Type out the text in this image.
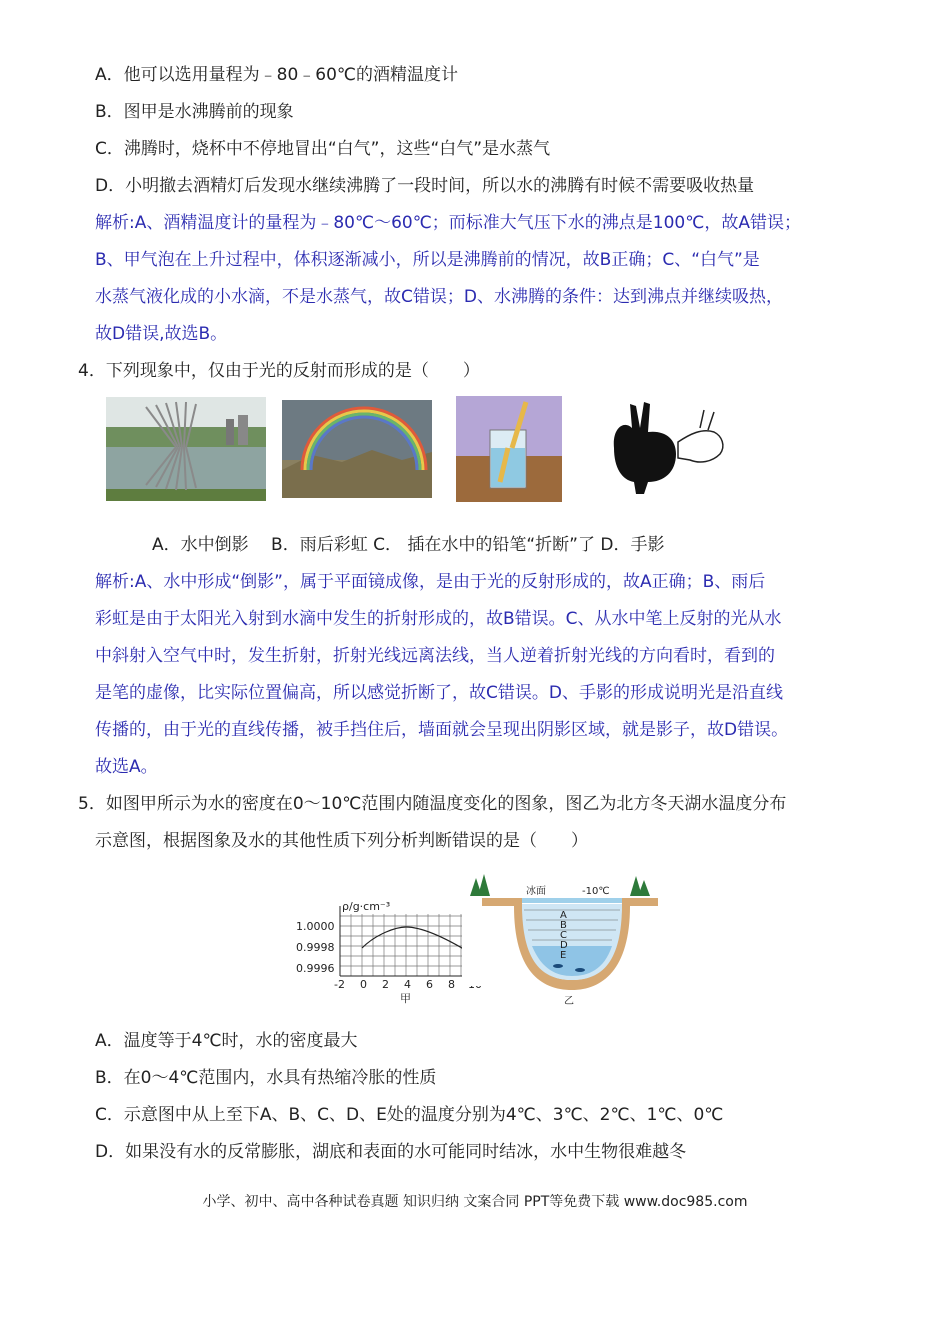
A．他可以选用量程为﹣80﹣60℃的酒精温度计
B．图甲是水沸腾前的现象
C．沸腾时，烧杯中不停地冒出“白气”，这些“白气”是水蒸气
D．小明撤去酒精灯后发现水继续沸腾了一段时间，所以水的沸腾有时候不需要吸收热量
解析:A、酒精温度计的量程为﹣80℃～60℃；而标准大气压下水的沸点是100℃，故A错误；
B、甲气泡在上升过程中，体积逐渐减小，所以是沸腾前的情况，故B正确；C、“白气”是
水蒸气液化成的小水滴，不是水蒸气，故C错误；D、水沸腾的条件：达到沸点并继续吸热，
故D错误,故选B。
4．下列现象中，仅由于光的反射而形成的是（　　）
A．水中倒影　 B．雨后彩虹 C． 插在水中的铅笔“折断”了 D．手影
解析:A、水中形成“倒影”，属于平面镜成像，是由于光的反射形成的，故A正确；B、雨后
彩虹是由于太阳光入射到水滴中发生的折射形成的，故B错误。C、从水中笔上反射的光从水
中斜射入空气中时，发生折射，折射光线远离法线，当人逆着折射光线的方向看时，看到的
是笔的虚像，比实际位置偏高，所以感觉折断了，故C错误。D、手影的形成说明光是沿直线
传播的，由于光的直线传播，被手挡住后，墙面就会呈现出阴影区域，就是影子，故D错误。
故选A。
5．如图甲所示为水的密度在0～10℃范围内随温度变化的图象，图乙为北方冬天湖水温度分布
示意图，根据图象及水的其他性质下列分析判断错误的是（　　）
ρ/g·cm⁻³
1.0000
0.9998
0.9996
-2 0 2 4 6 8
甲
冰面	-10℃
A
B
C
D
E
乙
A．温度等于4℃时，水的密度最大
B．在0～4℃范围内，水具有热缩冷胀的性质
C．示意图中从上至下A、B、C、D、E处的温度分别为4℃、3℃、2℃、1℃、0℃
D．如果没有水的反常膨胀，湖底和表面的水可能同时结冰，水中生物很难越冬
小学、初中、高中各种试卷真题 知识归纳 文案合同 PPT等免费下载 www.doc985.com
